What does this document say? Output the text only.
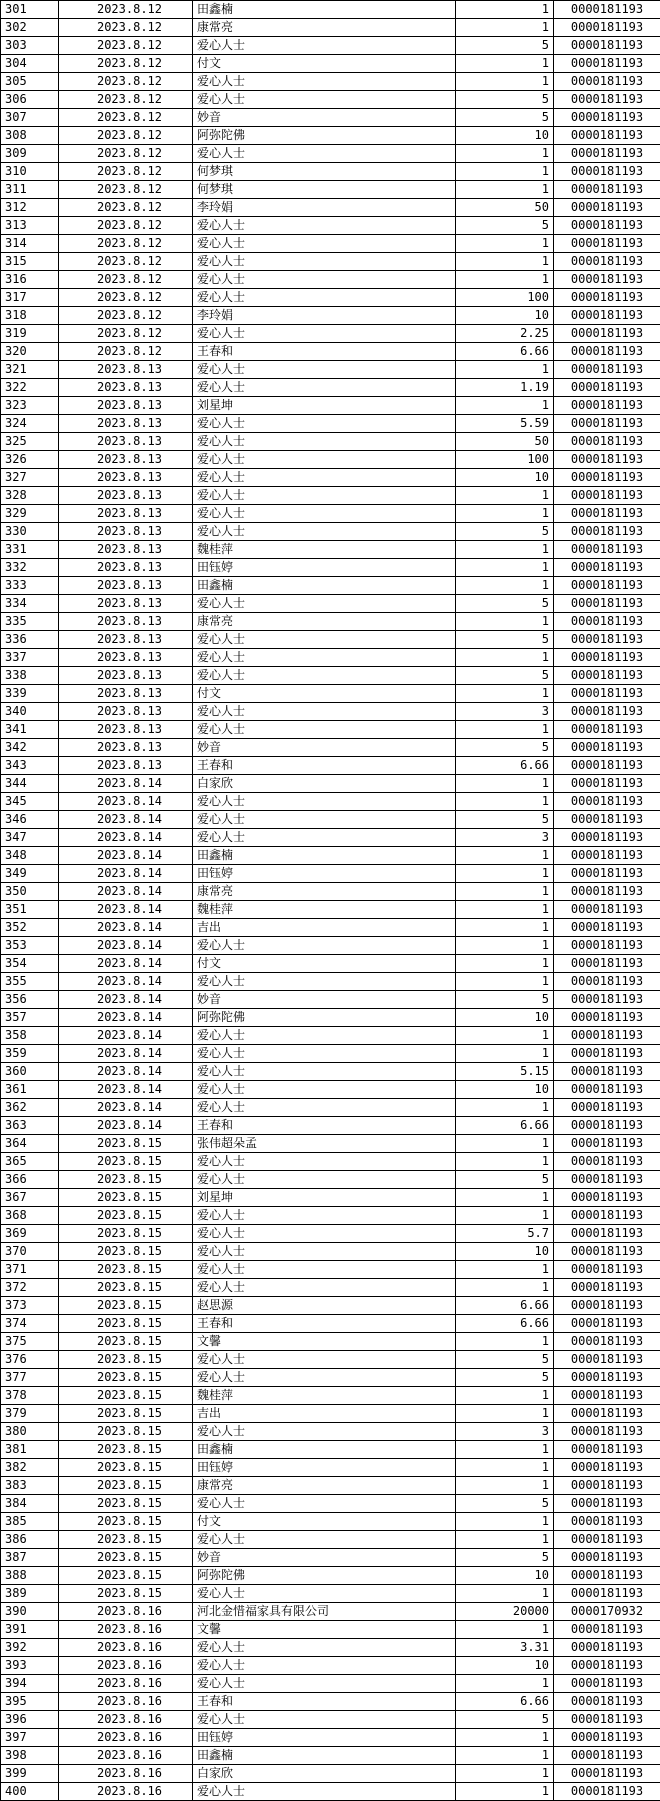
301	2023.8.12	田鑫楠	1	0000181193
302	2023.8.12	康常亮	1	0000181193
303	2023.8.12	爱心人士	5	0000181193
304	2023.8.12	付文	1	0000181193
305	2023.8.12	爱心人士	1	0000181193
306	2023.8.12	爱心人士	5	0000181193
307	2023.8.12	妙音	5	0000181193
308	2023.8.12	阿弥陀佛	10	0000181193
309	2023.8.12	爱心人士	1	0000181193
310	2023.8.12	何梦琪	1	0000181193
311	2023.8.12	何梦琪	1	0000181193
312	2023.8.12	李玲娟	50	0000181193
313	2023.8.12	爱心人士	5	0000181193
314	2023.8.12	爱心人士	1	0000181193
315	2023.8.12	爱心人士	1	0000181193
316	2023.8.12	爱心人士	1	0000181193
317	2023.8.12	爱心人士	100	0000181193
318	2023.8.12	李玲娟	10	0000181193
319	2023.8.12	爱心人士	2.25	0000181193
320	2023.8.12	王春和	6.66	0000181193
321	2023.8.13	爱心人士	1	0000181193
322	2023.8.13	爱心人士	1.19	0000181193
323	2023.8.13	刘星坤	1	0000181193
324	2023.8.13	爱心人士	5.59	0000181193
325	2023.8.13	爱心人士	50	0000181193
326	2023.8.13	爱心人士	100	0000181193
327	2023.8.13	爱心人士	10	0000181193
328	2023.8.13	爱心人士	1	0000181193
329	2023.8.13	爱心人士	1	0000181193
330	2023.8.13	爱心人士	5	0000181193
331	2023.8.13	魏桂萍	1	0000181193
332	2023.8.13	田钰婷	1	0000181193
333	2023.8.13	田鑫楠	1	0000181193
334	2023.8.13	爱心人士	5	0000181193
335	2023.8.13	康常亮	1	0000181193
336	2023.8.13	爱心人士	5	0000181193
337	2023.8.13	爱心人士	1	0000181193
338	2023.8.13	爱心人士	5	0000181193
339	2023.8.13	付文	1	0000181193
340	2023.8.13	爱心人士	3	0000181193
341	2023.8.13	爱心人士	1	0000181193
342	2023.8.13	妙音	5	0000181193
343	2023.8.13	王春和	6.66	0000181193
344	2023.8.14	白家欣	1	0000181193
345	2023.8.14	爱心人士	1	0000181193
346	2023.8.14	爱心人士	5	0000181193
347	2023.8.14	爱心人士	3	0000181193
348	2023.8.14	田鑫楠	1	0000181193
349	2023.8.14	田钰婷	1	0000181193
350	2023.8.14	康常亮	1	0000181193
351	2023.8.14	魏桂萍	1	0000181193
352	2023.8.14	吉出	1	0000181193
353	2023.8.14	爱心人士	1	0000181193
354	2023.8.14	付文	1	0000181193
355	2023.8.14	爱心人士	1	0000181193
356	2023.8.14	妙音	5	0000181193
357	2023.8.14	阿弥陀佛	10	0000181193
358	2023.8.14	爱心人士	1	0000181193
359	2023.8.14	爱心人士	1	0000181193
360	2023.8.14	爱心人士	5.15	0000181193
361	2023.8.14	爱心人士	10	0000181193
362	2023.8.14	爱心人士	1	0000181193
363	2023.8.14	王春和	6.66	0000181193
364	2023.8.15	张伟超朵孟	1	0000181193
365	2023.8.15	爱心人士	1	0000181193
366	2023.8.15	爱心人士	5	0000181193
367	2023.8.15	刘星坤	1	0000181193
368	2023.8.15	爱心人士	1	0000181193
369	2023.8.15	爱心人士	5.7	0000181193
370	2023.8.15	爱心人士	10	0000181193
371	2023.8.15	爱心人士	1	0000181193
372	2023.8.15	爱心人士	1	0000181193
373	2023.8.15	赵思源	6.66	0000181193
374	2023.8.15	王春和	6.66	0000181193
375	2023.8.15	文馨	1	0000181193
376	2023.8.15	爱心人士	5	0000181193
377	2023.8.15	爱心人士	5	0000181193
378	2023.8.15	魏桂萍	1	0000181193
379	2023.8.15	吉出	1	0000181193
380	2023.8.15	爱心人士	3	0000181193
381	2023.8.15	田鑫楠	1	0000181193
382	2023.8.15	田钰婷	1	0000181193
383	2023.8.15	康常亮	1	0000181193
384	2023.8.15	爱心人士	5	0000181193
385	2023.8.15	付文	1	0000181193
386	2023.8.15	爱心人士	1	0000181193
387	2023.8.15	妙音	5	0000181193
388	2023.8.15	阿弥陀佛	10	0000181193
389	2023.8.15	爱心人士	1	0000181193
390	2023.8.16	河北金惜福家具有限公司	20000	0000170932
391	2023.8.16	文馨	1	0000181193
392	2023.8.16	爱心人士	3.31	0000181193
393	2023.8.16	爱心人士	10	0000181193
394	2023.8.16	爱心人士	1	0000181193
395	2023.8.16	王春和	6.66	0000181193
396	2023.8.16	爱心人士	5	0000181193
397	2023.8.16	田钰婷	1	0000181193
398	2023.8.16	田鑫楠	1	0000181193
399	2023.8.16	白家欣	1	0000181193
400	2023.8.16	爱心人士	1	0000181193
